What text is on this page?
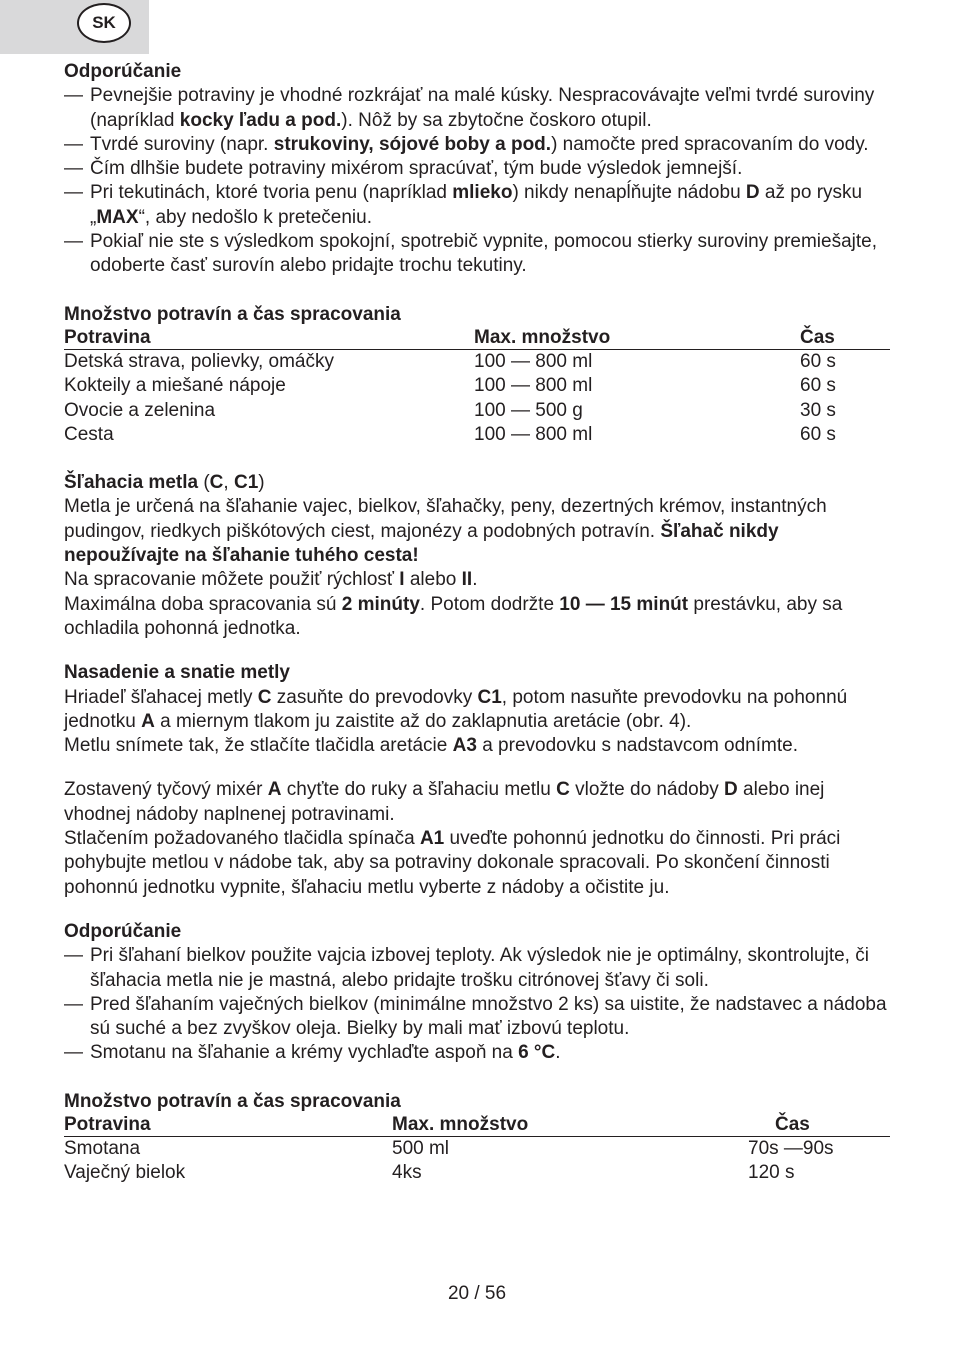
SK

Odporúčanie

— Pevnejšie potraviny je vhodné rozkrájať na malé kúsky. Nespracovávajte veľmi tvrdé suroviny (napríklad kocky ľadu a pod.). Nôž by sa zbytočne čoskoro otupil.
— Tvrdé suroviny (napr. strukoviny, sójové boby a pod.) namočte pred spracovaním do vody.
— Čím dlhšie budete potraviny mixérom spracúvať, tým bude výsledok jemnejší.
— Pri tekutinách, ktoré tvoria penu (napríklad mlieko) nikdy nenapĺňujte nádobu D až po rysku „MAX“, aby nedošlo k pretečeniu.
— Pokiaľ nie ste s výsledkom spokojní, spotrebič vypnite, pomocou stierky suroviny premiešajte, odoberte časť surovín alebo pridajte trochu tekutiny.

Množstvo potravín a čas spracovania

Potravina	Max. množstvo	Čas
Detská strava, polievky, omáčky	100 — 800 ml	60 s
Kokteily a miešané nápoje	100 — 800 ml	60 s
Ovocie a zelenina	100 — 500 g	30 s
Cesta	100 — 800 ml	60 s

Šľahacia metla (C, C1)

Metla je určená na šľahanie vajec, bielkov, šľahačky, peny, dezertných krémov, instantných pudingov, riedkych piškótových ciest, majonézy a podobných potravín. Šľahač nikdy nepoužívajte na šľahanie tuhého cesta!

Na spracovanie môžete použiť rýchlosť I alebo II.

Maximálna doba spracovania sú 2 minúty. Potom dodržte 10 — 15 minút prestávku, aby sa ochladila pohonná jednotka.

Nasadenie a snatie metly

Hriadeľ šľahacej metly C zasuňte do prevodovky C1, potom nasuňte prevodovku na pohonnú jednotku A a miernym tlakom ju zaistite až do zaklapnutia aretácie (obr. 4).

Metlu snímete tak, že stlačíte tlačidla aretácie A3 a prevodovku s nadstavcom odnímte.

Zostavený tyčový mixér A chyťte do ruky a šľahaciu metlu C vložte do nádoby D alebo inej vhodnej nádoby naplnenej potravinami.

Stlačením požadovaného tlačidla spínača A1 uveďte pohonnú jednotku do činnosti. Pri práci pohybujte metlou v nádobe tak, aby sa potraviny dokonale spracovali. Po skončení činnosti pohonnú jednotku vypnite, šľahaciu metlu vyberte z nádoby a očistite ju.

Odporúčanie

— Pri šľahaní bielkov použite vajcia izbovej teploty. Ak výsledok nie je optimálny, skontrolujte, či šľahacia metla nie je mastná, alebo pridajte trošku citrónovej šťavy či soli.
— Pred šľahaním vaječných bielkov (minimálne množstvo 2 ks) sa uistite, že nadstavec a nádoba sú suché a bez zvyškov oleja. Bielky by mali mať izbovú teplotu.
— Smotanu na šľahanie a krémy vychlaďte aspoň na 6 °C.

Množstvo potravín a čas spracovania

Potravina	Max. množstvo	Čas
Smotana	500 ml	70s —90s
Vaječný bielok	4ks	120 s
20 / 56
